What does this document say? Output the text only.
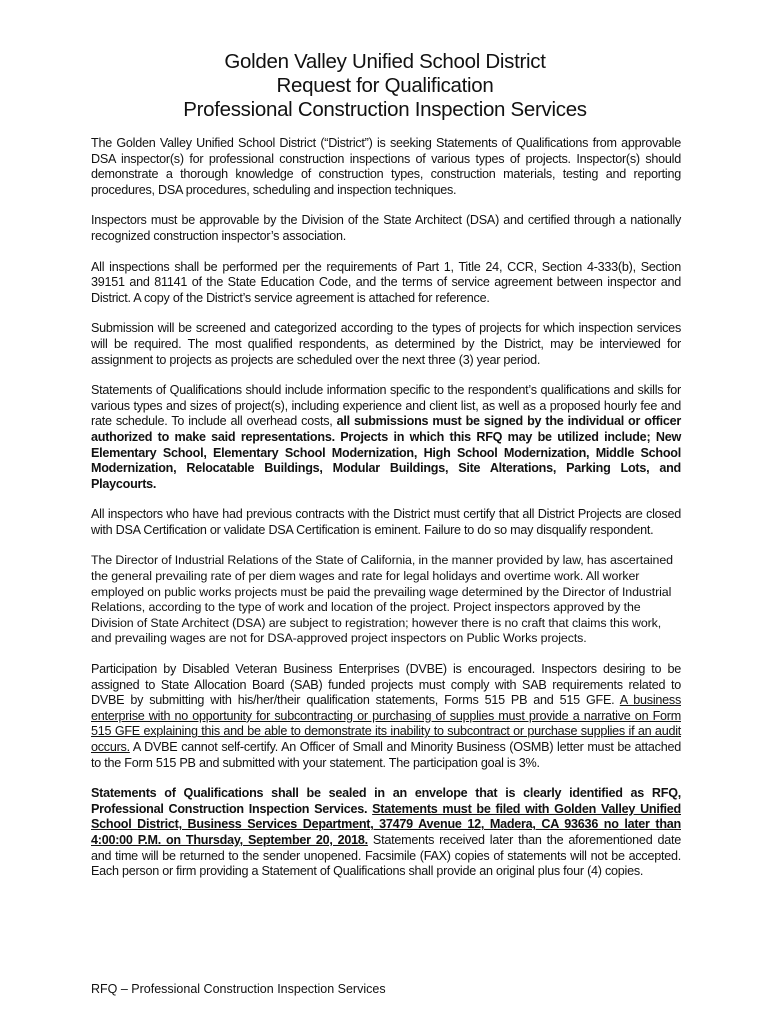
Golden Valley Unified School District
Request for Qualification
Professional Construction Inspection Services

The Golden Valley Unified School District (“District”) is seeking Statements of Qualifications from approvable DSA inspector(s) for professional construction inspections of various types of projects. Inspector(s) should demonstrate a thorough knowledge of construction types, construction materials, testing and reporting procedures, DSA procedures, scheduling and inspection techniques.

Inspectors must be approvable by the Division of the State Architect (DSA) and certified through a nationally recognized construction inspector’s association.

All inspections shall be performed per the requirements of Part 1, Title 24, CCR, Section 4-333(b), Section 39151 and 81141 of the State Education Code, and the terms of service agreement between inspector and District. A copy of the District’s service agreement is attached for reference.

Submission will be screened and categorized according to the types of projects for which inspection services will be required. The most qualified respondents, as determined by the District, may be interviewed for assignment to projects as projects are scheduled over the next three (3) year period.

Statements of Qualifications should include information specific to the respondent’s qualifications and skills for various types and sizes of project(s), including experience and client list, as well as a proposed hourly fee and rate schedule. To include all overhead costs, all submissions must be signed by the individual or officer authorized to make said representations. Projects in which this RFQ may be utilized include; New Elementary School, Elementary School Modernization, High School Modernization, Middle School Modernization, Relocatable Buildings, Modular Buildings, Site Alterations, Parking Lots, and Playcourts.

All inspectors who have had previous contracts with the District must certify that all District Projects are closed with DSA Certification or validate DSA Certification is eminent. Failure to do so may disqualify respondent.

The Director of Industrial Relations of the State of California, in the manner provided by law, has ascertained the general prevailing rate of per diem wages and rate for legal holidays and overtime work. All worker employed on public works projects must be paid the prevailing wage determined by the Director of Industrial Relations, according to the type of work and location of the project. Project inspectors approved by the Division of State Architect (DSA) are subject to registration; however there is no craft that claims this work, and prevailing wages are not for DSA-approved project inspectors on Public Works projects.

Participation by Disabled Veteran Business Enterprises (DVBE) is encouraged. Inspectors desiring to be assigned to State Allocation Board (SAB) funded projects must comply with SAB requirements related to DVBE by submitting with his/her/their qualification statements, Forms 515 PB and 515 GFE. A business enterprise with no opportunity for subcontracting or purchasing of supplies must provide a narrative on Form 515 GFE explaining this and be able to demonstrate its inability to subcontract or purchase supplies if an audit occurs. A DVBE cannot self-certify. An Officer of Small and Minority Business (OSMB) letter must be attached to the Form 515 PB and submitted with your statement. The participation goal is 3%.

Statements of Qualifications shall be sealed in an envelope that is clearly identified as RFQ, Professional Construction Inspection Services. Statements must be filed with Golden Valley Unified School District, Business Services Department, 37479 Avenue 12, Madera, CA 93636 no later than 4:00:00 P.M. on Thursday, September 20, 2018. Statements received later than the aforementioned date and time will be returned to the sender unopened. Facsimile (FAX) copies of statements will not be accepted. Each person or firm providing a Statement of Qualifications shall provide an original plus four (4) copies.

RFQ – Professional Construction Inspection Services
